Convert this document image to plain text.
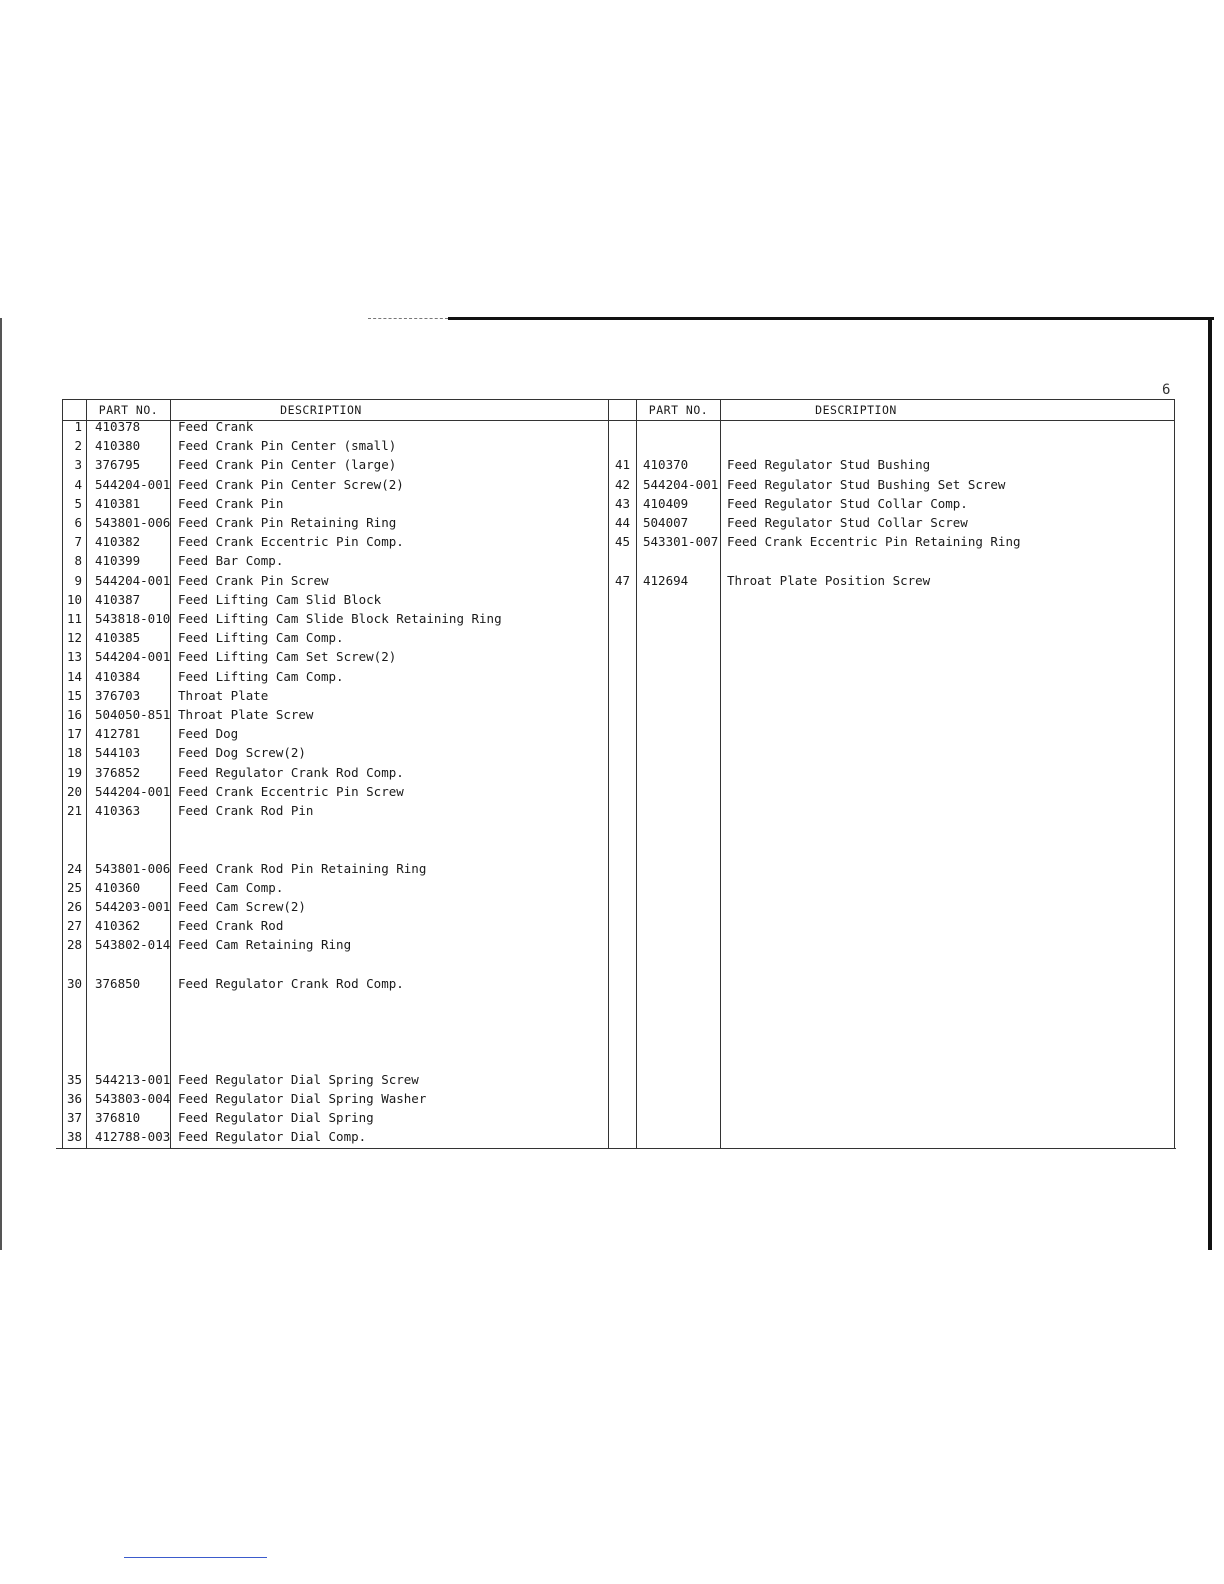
6
PART NO.	DESCRIPTION	PART NO.	DESCRIPTION
1 410378	Feed Crank
2 410380	Feed Crank Pin Center (small)
3 376795	Feed Crank Pin Center (large)
4 544204-001 Feed Crank Pin Center Screw(2)
5 410381	Feed Crank Pin
6 543801-006 Feed Crank Pin Retaining Ring
7 410382	Feed Crank Eccentric Pin Comp.
8 410399	Feed Bar Comp.
9 544204-001 Feed Crank Pin Screw
10 410387	Feed Lifting Cam Slid Block
11 543818-010 Feed Lifting Cam Slide Block Retaining Ring
12 410385	Feed Lifting Cam Comp.
13 544204-001 Feed Lifting Cam Set Screw(2)
14 410384	Feed Lifting Cam Comp.
15 376703	Throat Plate
16 504050-851 Throat Plate Screw
17 412781	Feed Dog
18 544103	Feed Dog Screw(2)
19 376852	Feed Regulator Crank Rod Comp.
20 544204-001 Feed Crank Eccentric Pin Screw
21 410363	Feed Crank Rod Pin
24 543801-006 Feed Crank Rod Pin Retaining Ring
25 410360	Feed Cam Comp.
26 544203-001 Feed Cam Screw(2)
27 410362	Feed Crank Rod
28 543802-014 Feed Cam Retaining Ring
30 376850	Feed Regulator Crank Rod Comp.
35 544213-001 Feed Regulator Dial Spring Screw
36 543803-004 Feed Regulator Dial Spring Washer
37 376810	Feed Regulator Dial Spring
38 412788-003 Feed Regulator Dial Comp.
41 410370	Feed Regulator Stud Bushing
42 544204-001 Feed Regulator Stud Bushing Set Screw
43 410409	Feed Regulator Stud Collar Comp.
44 504007	Feed Regulator Stud Collar Screw
45 543301-007 Feed Crank Eccentric Pin Retaining Ring
47 412694	Throat Plate Position Screw
